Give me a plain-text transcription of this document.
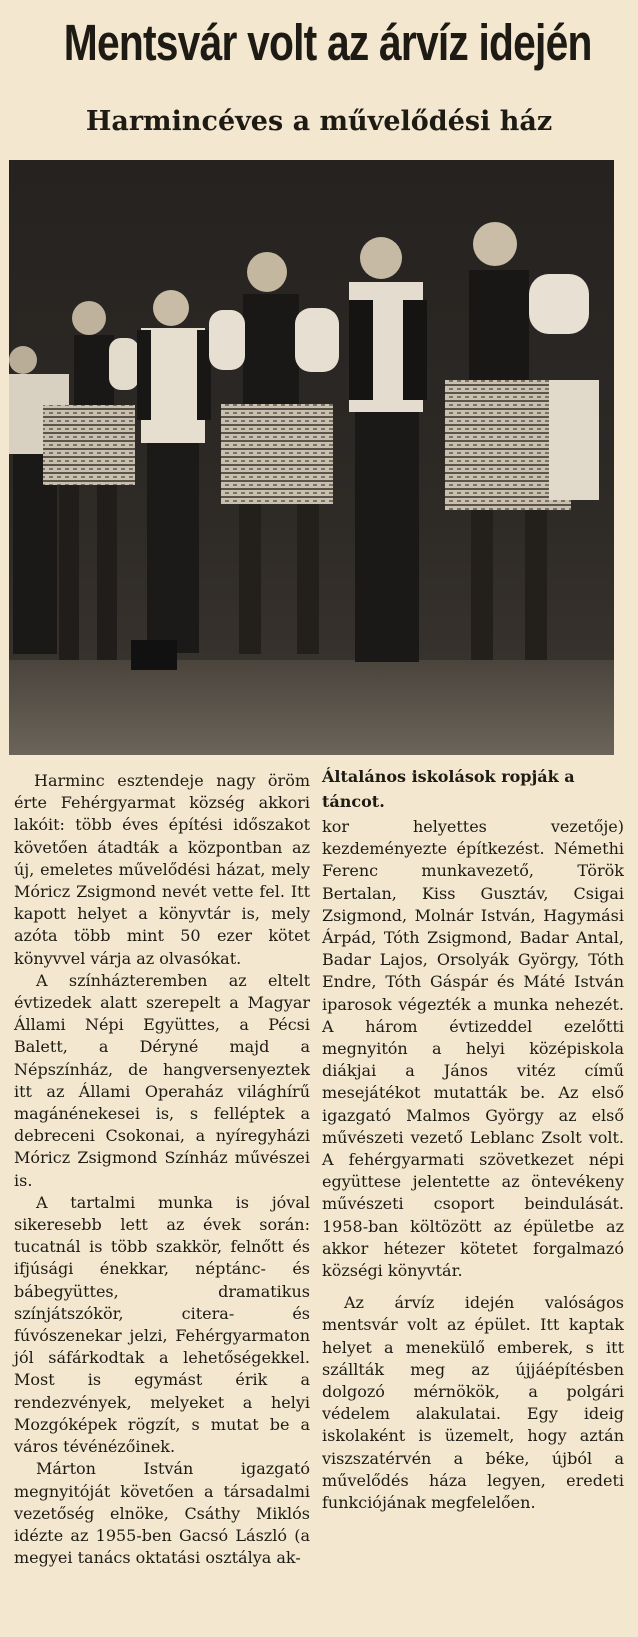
Mentsvár volt az árvíz idején
Harmincéves a művelődési ház
Általános iskolások ropják a táncot.

Harminc esztendeje nagy öröm érte Fehérgyarmat község akkori lakóit: több éves építési időszakot követően átadták a központban az új, emeletes művelődési házat, mely Móricz Zsigmond nevét vette fel. Itt kapott helyet a könyvtár is, mely azóta több mint 50 ezer kötet könyvvel várja az olvasókat.

A színházteremben az eltelt évtizedek alatt szerepelt a Magyar Állami Népi Együttes, a Pécsi Balett, a Déryné majd a Népszínház, de hangversenyeztek itt az Állami Operaház világhírű magánénekesei is, s felléptek a debreceni Csokonai, a nyíregyházi Móricz Zsigmond Színház művészei is.

A tartalmi munka is jóval sikeresebb lett az évek során: tucatnál is több szakkör, felnőtt és ifjúsági énekkar, néptánc- és bábegyüttes, dramatikus színjátszókör, citera- és fúvószenekar jelzi, Fehérgyarmaton jól sáfárkodtak a lehetőségekkel. Most is egymást érik a rendezvények, melyeket a helyi Mozgóképek rögzít, s mutat be a város tévénézőinek.

Márton István igazgató megnyitóját követően a társadalmi vezetőség elnöke, Csáthy Miklós idézte az 1955-ben Gacsó László (a megyei tanács oktatási osztálya ak-

kor helyettes vezetője) kezdeményezte építkezést. Némethi Ferenc munkavezető, Török Bertalan, Kiss Gusztáv, Csigai Zsigmond, Molnár István, Hagymási Árpád, Tóth Zsigmond, Badar Antal, Badar Lajos, Orsolyák György, Tóth Endre, Tóth Gáspár és Máté István iparosok végezték a munka nehezét. A három évtizeddel ezelőtti megnyitón a helyi középiskola diákjai a János vitéz című mesejátékot mutatták be. Az első igazgató Malmos György az első művészeti vezető Leblanc Zsolt volt. A fehérgyarmati szövetkezet népi együttese jelentette az öntevékeny művészeti csoport beindulását. 1958-ban költözött az épületbe az akkor hétezer kötetet forgalmazó községi könyvtár.

Az árvíz idején valóságos mentsvár volt az épület. Itt kaptak helyet a menekülő emberek, s itt szállták meg az újjáépítésben dolgozó mérnökök, a polgári védelem alakulatai. Egy ideig iskolaként is üzemelt, hogy aztán viszszatérvén a béke, újból a művelődés háza legyen, eredeti funkciójának megfelelően.
